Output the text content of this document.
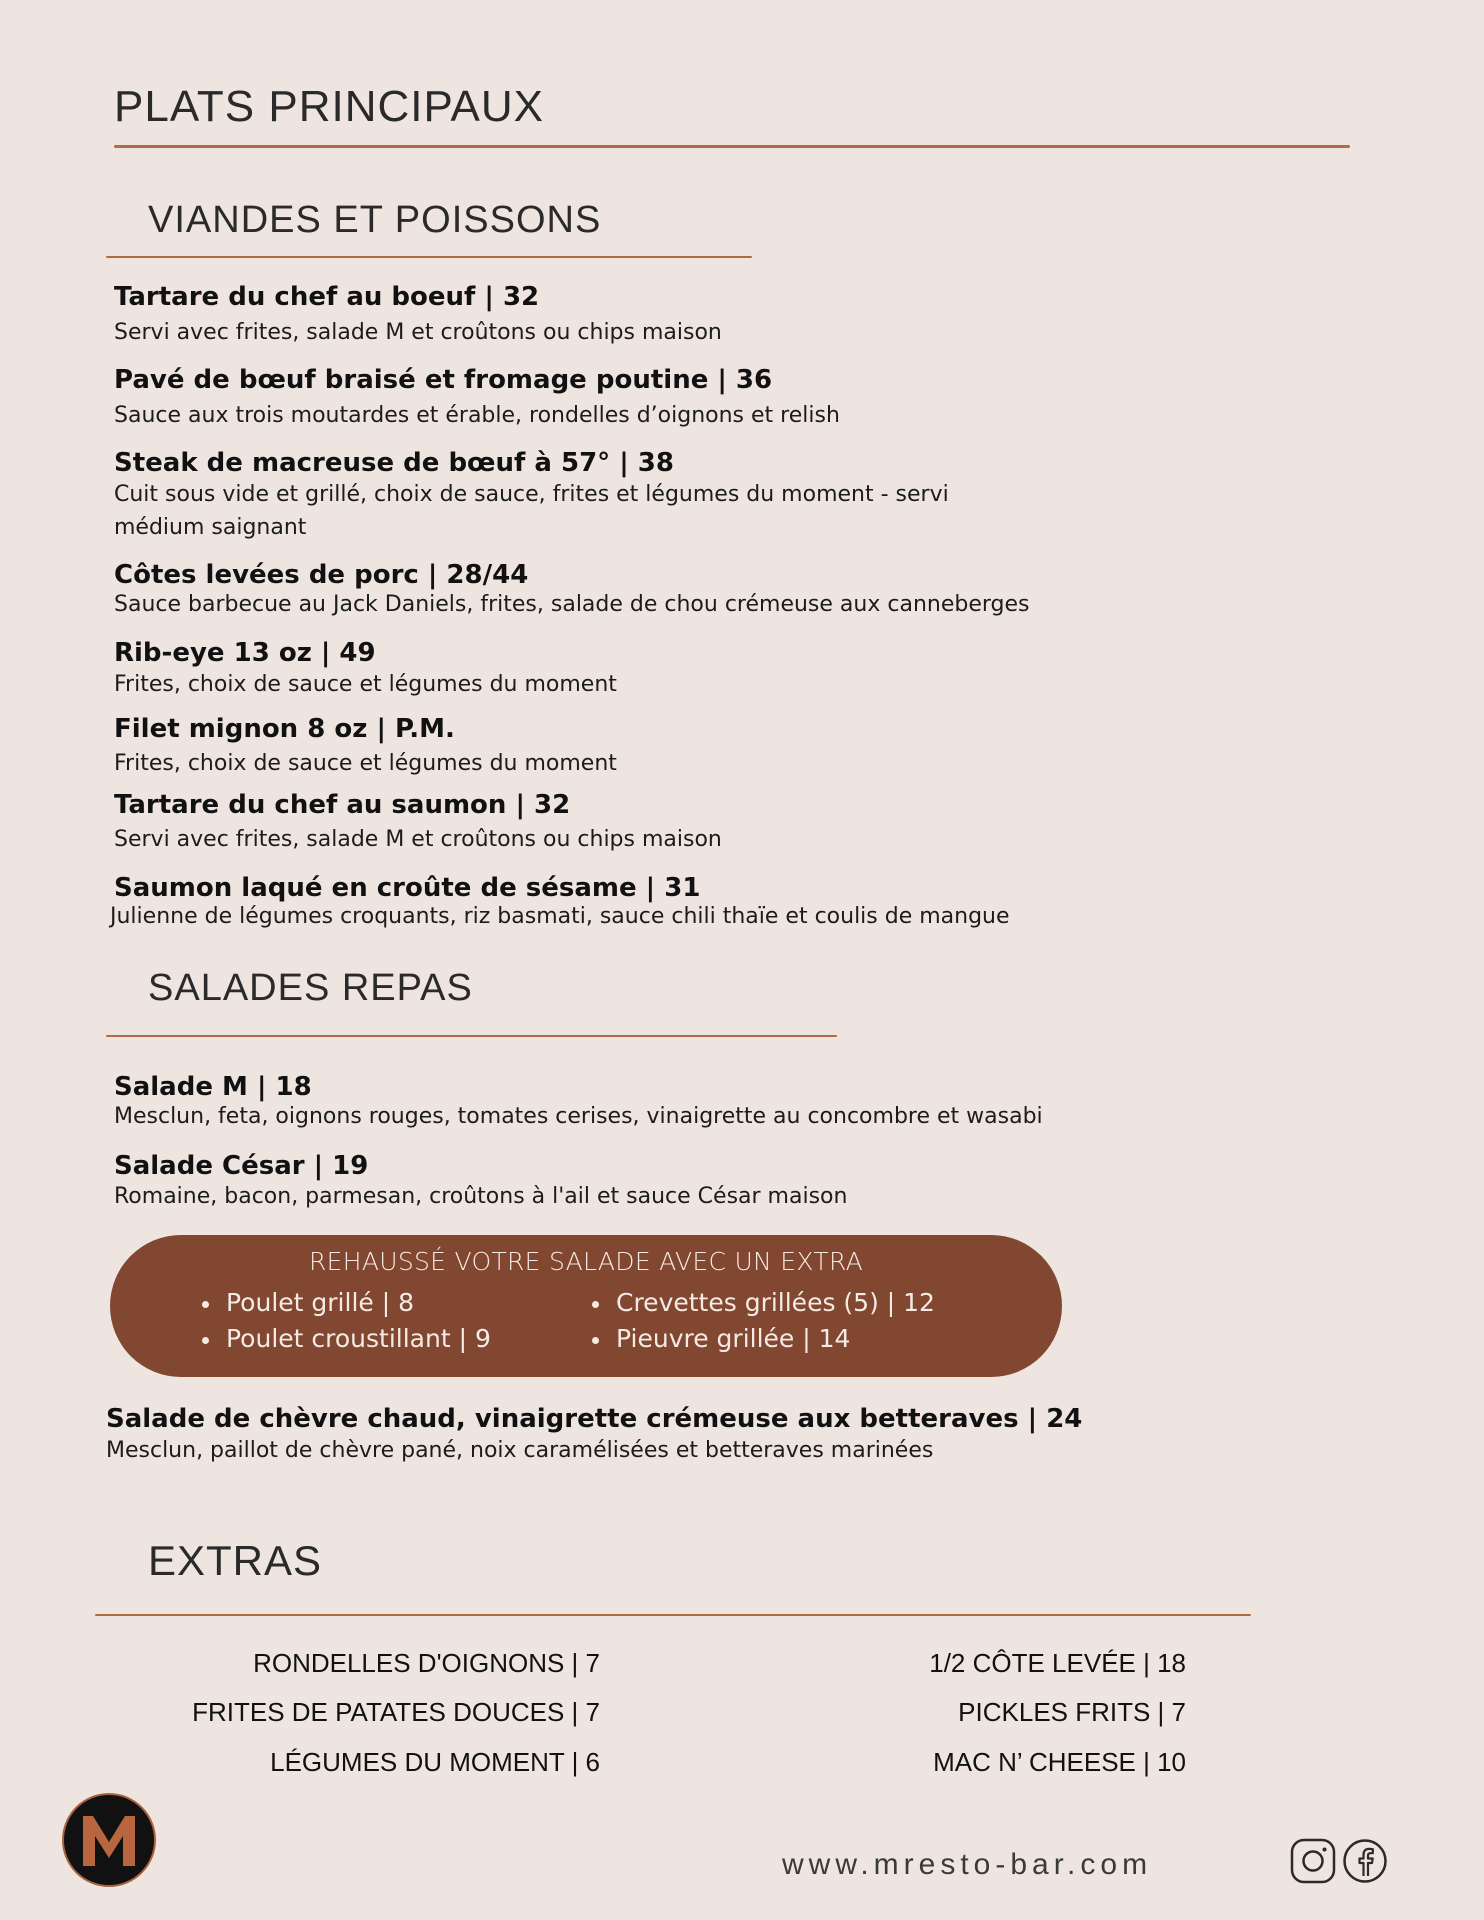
PLATS PRINCIPAUX
VIANDES ET POISSONS
Tartare du chef au boeuf | 32
Servi avec frites, salade M et croûtons ou chips maison
Pavé de bœuf braisé et fromage poutine | 36
Sauce aux trois moutardes et érable, rondelles d’oignons et relish
Steak de macreuse de bœuf à 57° | 38
Cuit sous vide et grillé, choix de sauce, frites et légumes du moment - servi médium saignant
Côtes levées de porc | 28/44
Sauce barbecue au Jack Daniels, frites, salade de chou crémeuse aux canneberges
Rib-eye 13 oz | 49
Frites, choix de sauce et légumes du moment
Filet mignon 8 oz | P.M.
Frites, choix de sauce et légumes du moment
Tartare du chef au saumon | 32
Servi avec frites, salade M et croûtons ou chips maison
Saumon laqué en croûte de sésame | 31
Julienne de légumes croquants, riz basmati, sauce chili thaïe et coulis de mangue
SALADES REPAS
Salade M | 18
Mesclun, feta, oignons rouges, tomates cerises, vinaigrette au concombre et wasabi
Salade César | 19
Romaine, bacon, parmesan, croûtons à l'ail et sauce César maison
REHAUSSÉ VOTRE SALADE AVEC UN EXTRA
Poulet grillé | 8
Poulet croustillant | 9
Crevettes grillées (5) | 12
Pieuvre grillée | 14
Salade de chèvre chaud, vinaigrette crémeuse aux betteraves | 24
Mesclun, paillot de chèvre pané, noix caramélisées et betteraves marinées
EXTRAS
RONDELLES D'OIGNONS | 7
FRITES DE PATATES DOUCES | 7
LÉGUMES DU MOMENT | 6
1/2 CÔTE LEVÉE | 18
PICKLES FRITS | 7
MAC N’ CHEESE | 10
www.mresto-bar.com
